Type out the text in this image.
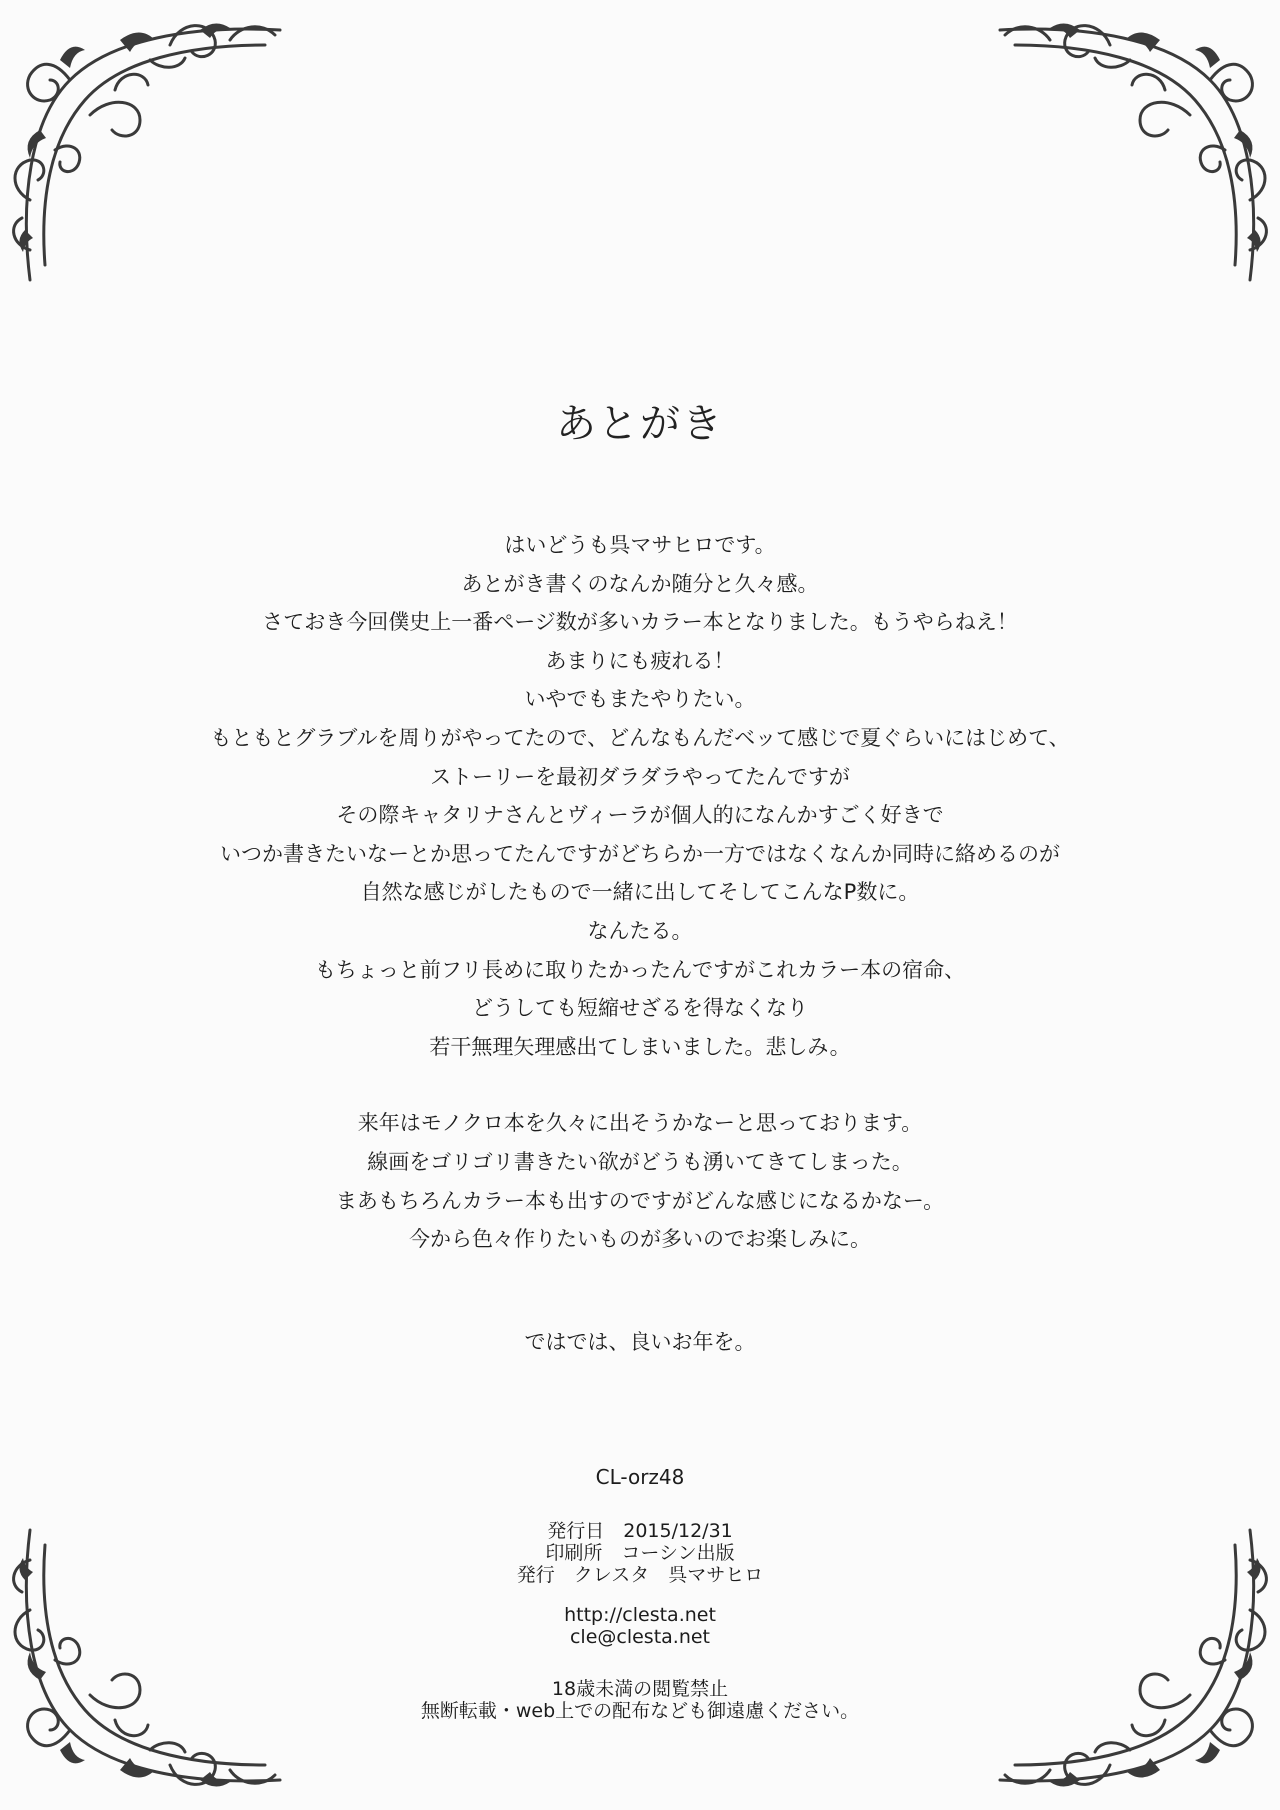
あとがき
はいどうも呉マサヒロです。
あとがき書くのなんか随分と久々感。
さておき今回僕史上一番ページ数が多いカラー本となりました。もうやらねえ！
あまりにも疲れる！
いやでもまたやりたい。
もともとグラブルを周りがやってたので、どんなもんだベッて感じで夏ぐらいにはじめて、
ストーリーを最初ダラダラやってたんですが
その際キャタリナさんとヴィーラが個人的になんかすごく好きで
いつか書きたいなーとか思ってたんですがどちらか一方ではなくなんか同時に絡めるのが
自然な感じがしたもので一緒に出してそしてこんなP数に。
なんたる。
もちょっと前フリ長めに取りたかったんですがこれカラー本の宿命、
どうしても短縮せざるを得なくなり
若干無理矢理感出てしまいました。悲しみ。
来年はモノクロ本を久々に出そうかなーと思っております。
線画をゴリゴリ書きたい欲がどうも湧いてきてしまった。
まあもちろんカラー本も出すのですがどんな感じになるかなー。
今から色々作りたいものが多いのでお楽しみに。
ではでは、良いお年を。
CL-orz48
発行日　2015/12/31
印刷所　コーシン出版
発行　クレスタ　呉マサヒロ
http://clesta.net
cle@clesta.net
18歳未満の閲覧禁止
無断転載・web上での配布なども御遠慮ください。
